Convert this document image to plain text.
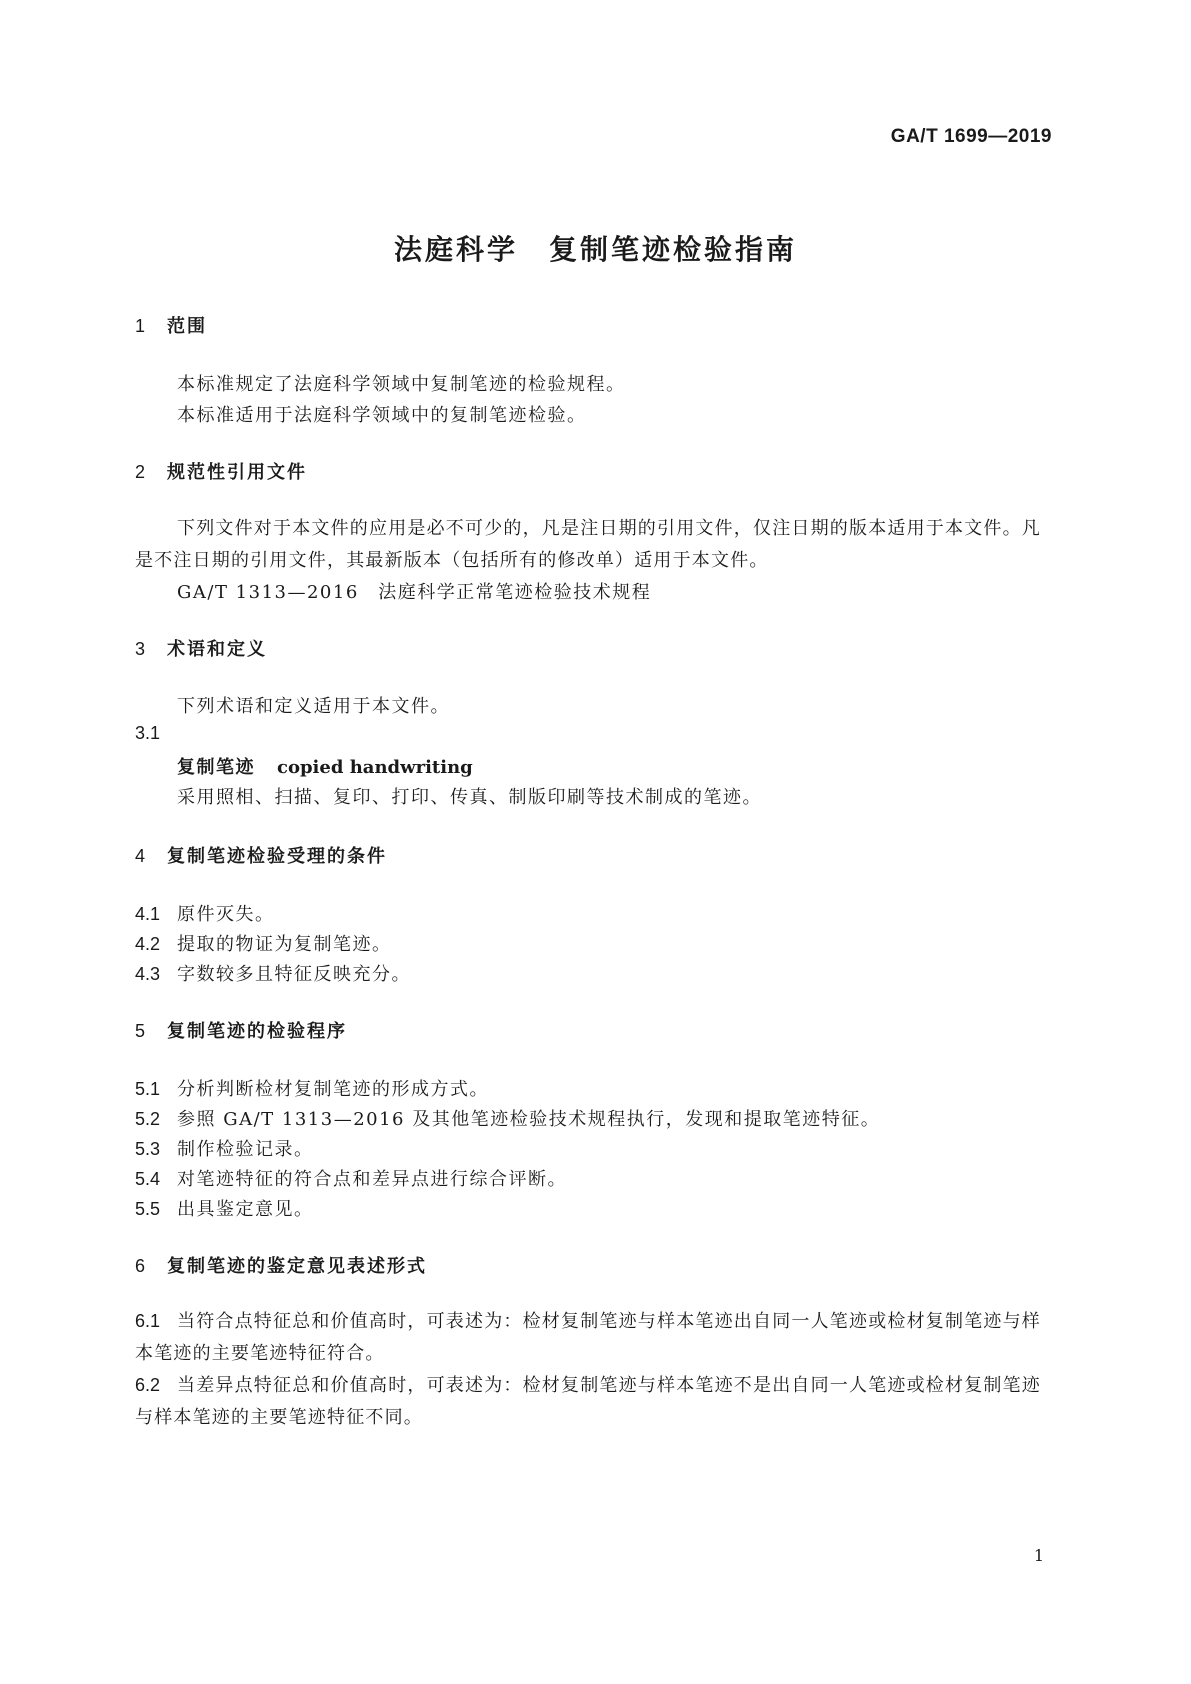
GA/T 1699—2019
法庭科学　复制笔迹检验指南
1 范围
本标准规定了法庭科学领域中复制笔迹的检验规程。
本标准适用于法庭科学领域中的复制笔迹检验。
2 规范性引用文件
下列文件对于本文件的应用是必不可少的，凡是注日期的引用文件，仅注日期的版本适用于本文件。凡是不注日期的引用文件，其最新版本（包括所有的修改单）适用于本文件。
GA/T 1313—2016　法庭科学正常笔迹检验技术规程
3 术语和定义
下列术语和定义适用于本文件。
3.1
复制笔迹 copied handwriting
采用照相、扫描、复印、打印、传真、制版印刷等技术制成的笔迹。
4 复制笔迹检验受理的条件
4.1 原件灭失。
4.2 提取的物证为复制笔迹。
4.3 字数较多且特征反映充分。
5 复制笔迹的检验程序
5.1 分析判断检材复制笔迹的形成方式。
5.2 参照 GA/T 1313—2016 及其他笔迹检验技术规程执行，发现和提取笔迹特征。
5.3 制作检验记录。
5.4 对笔迹特征的符合点和差异点进行综合评断。
5.5 出具鉴定意见。
6 复制笔迹的鉴定意见表述形式
6.1 当符合点特征总和价值高时，可表述为：检材复制笔迹与样本笔迹出自同一人笔迹或检材复制笔迹与样本笔迹的主要笔迹特征符合。
6.2 当差异点特征总和价值高时，可表述为：检材复制笔迹与样本笔迹不是出自同一人笔迹或检材复制笔迹与样本笔迹的主要笔迹特征不同。
1
